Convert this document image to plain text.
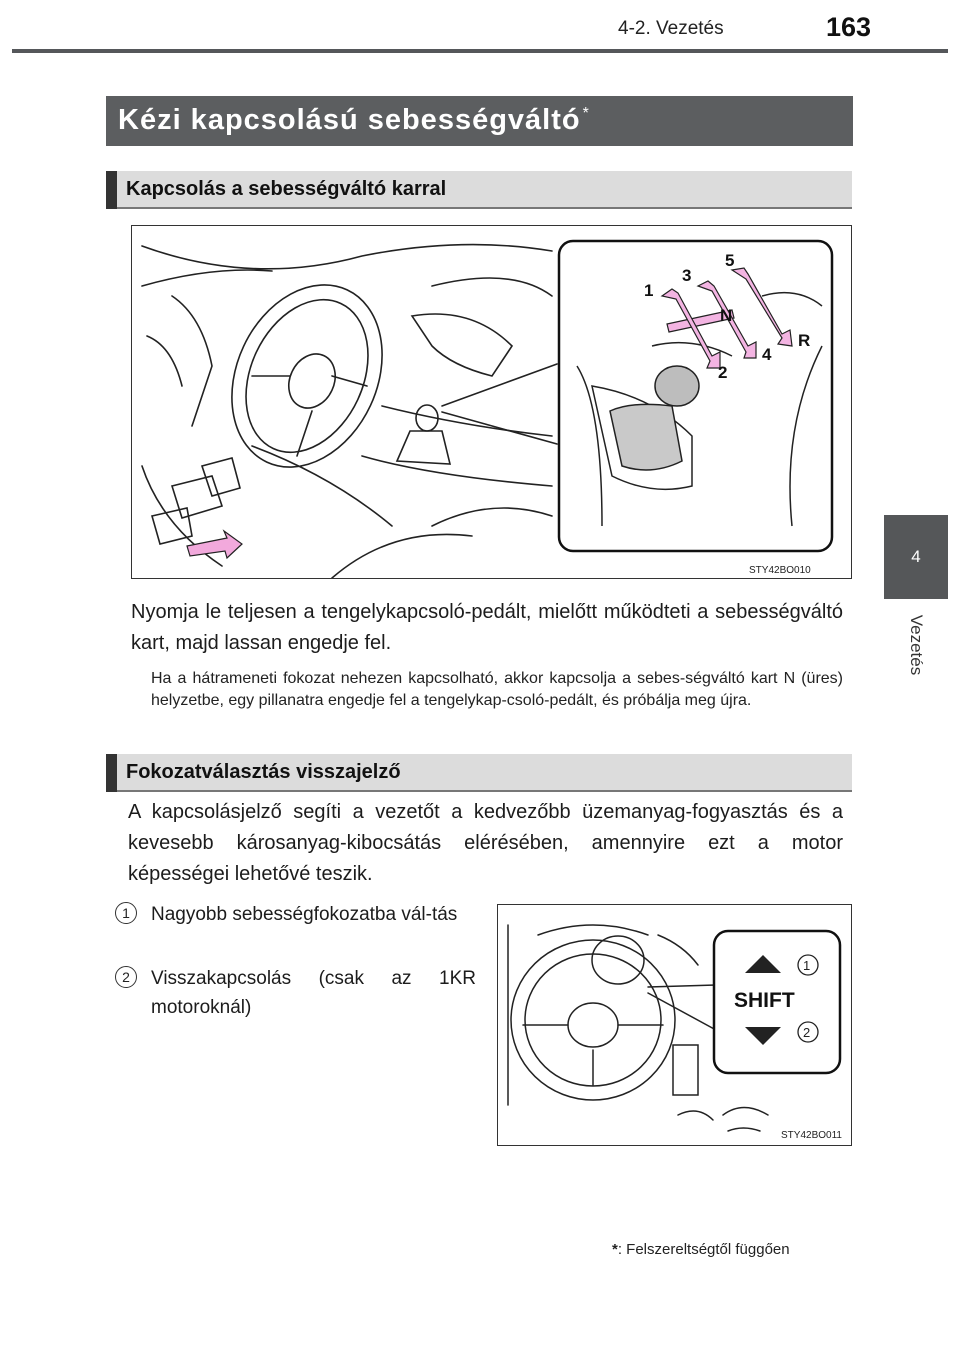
4-2. Vezetés	163
4
Vezetés
Kézi kapcsolású sebességváltó *
Kapcsolás a sebességváltó karral
1
3
5
N
2
4
R
STY42BO010
Nyomja le teljesen a tengelykapcsoló-pedált, mielőtt működteti a sebességváltó kart, majd lassan engedje fel.
Ha a hátrameneti fokozat nehezen kapcsolható, akkor kapcsolja a sebes-ségváltó kart N (üres) helyzetbe, egy pillanatra engedje fel a tengelykap-csoló-pedált, és próbálja meg újra.
Fokozatválasztás visszajelző
A kapcsolásjelző segíti a vezetőt a kedvezőbb üzemanyag-fogyasztás és a kevesebb károsanyag-kibocsátás elérésében, amennyire ezt a motor képességei lehetővé teszik.
1	Nagyobb sebességfokozatba vál-tás
2	Visszakapcsolás (csak az 1KR motoroknál)	SHIFT
1
2
STY42BO011
*: Felszereltségtől függően
